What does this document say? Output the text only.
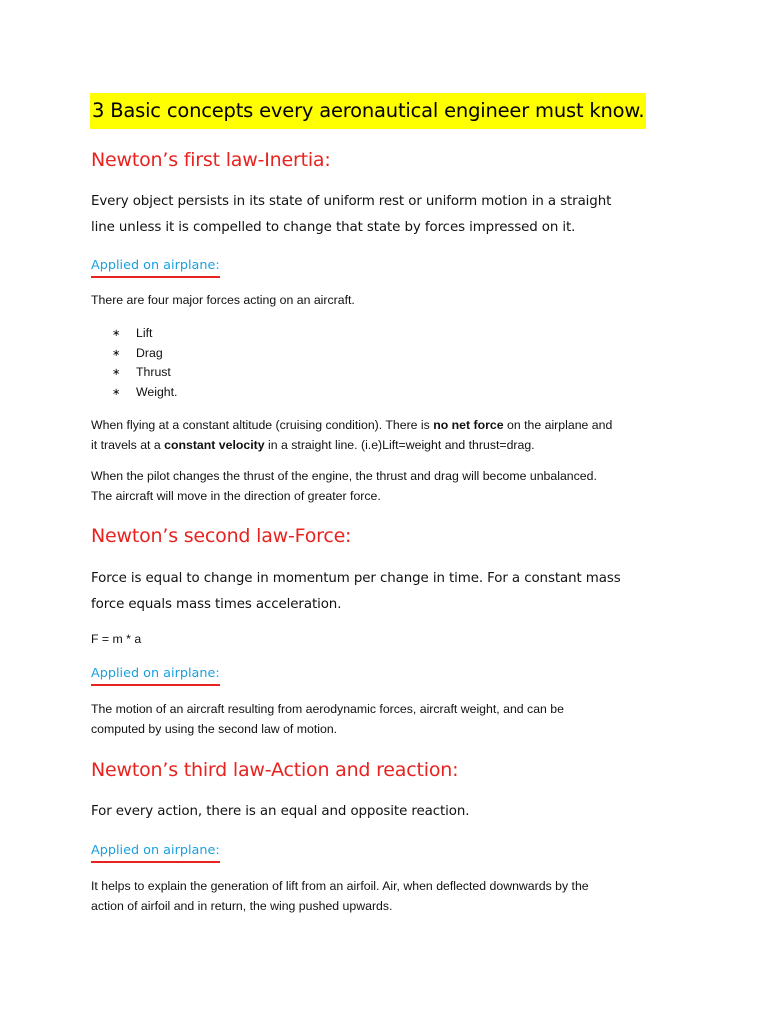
3 Basic concepts every aeronautical engineer must know.
Newton’s first law-Inertia:
Every object persists in its state of uniform rest or uniform motion in a straight
line unless it is compelled to change that state by forces impressed on it.
Applied on airplane:

There are four major forces acting on an aircraft.

∗	Lift
∗	Drag
∗	Thrust
∗	Weight.
When flying at a constant altitude (cruising condition). There is no net force on the airplane and
it travels at a constant velocity in a straight line. (i.e)Lift=weight and thrust=drag.
When the pilot changes the thrust of the engine, the thrust and drag will become unbalanced.
The aircraft will move in the direction of greater force.
Newton’s second law-Force:
Force is equal to change in momentum per change in time. For a constant mass
force equals mass times acceleration.

F = m * a

Applied on airplane:
The motion of an aircraft resulting from aerodynamic forces, aircraft weight, and can be
computed by using the second law of motion.
Newton’s third law-Action and reaction:
For every action, there is an equal and opposite reaction.
Applied on airplane:
It helps to explain the generation of lift from an airfoil. Air, when deflected downwards by the
action of airfoil and in return, the wing pushed upwards.
